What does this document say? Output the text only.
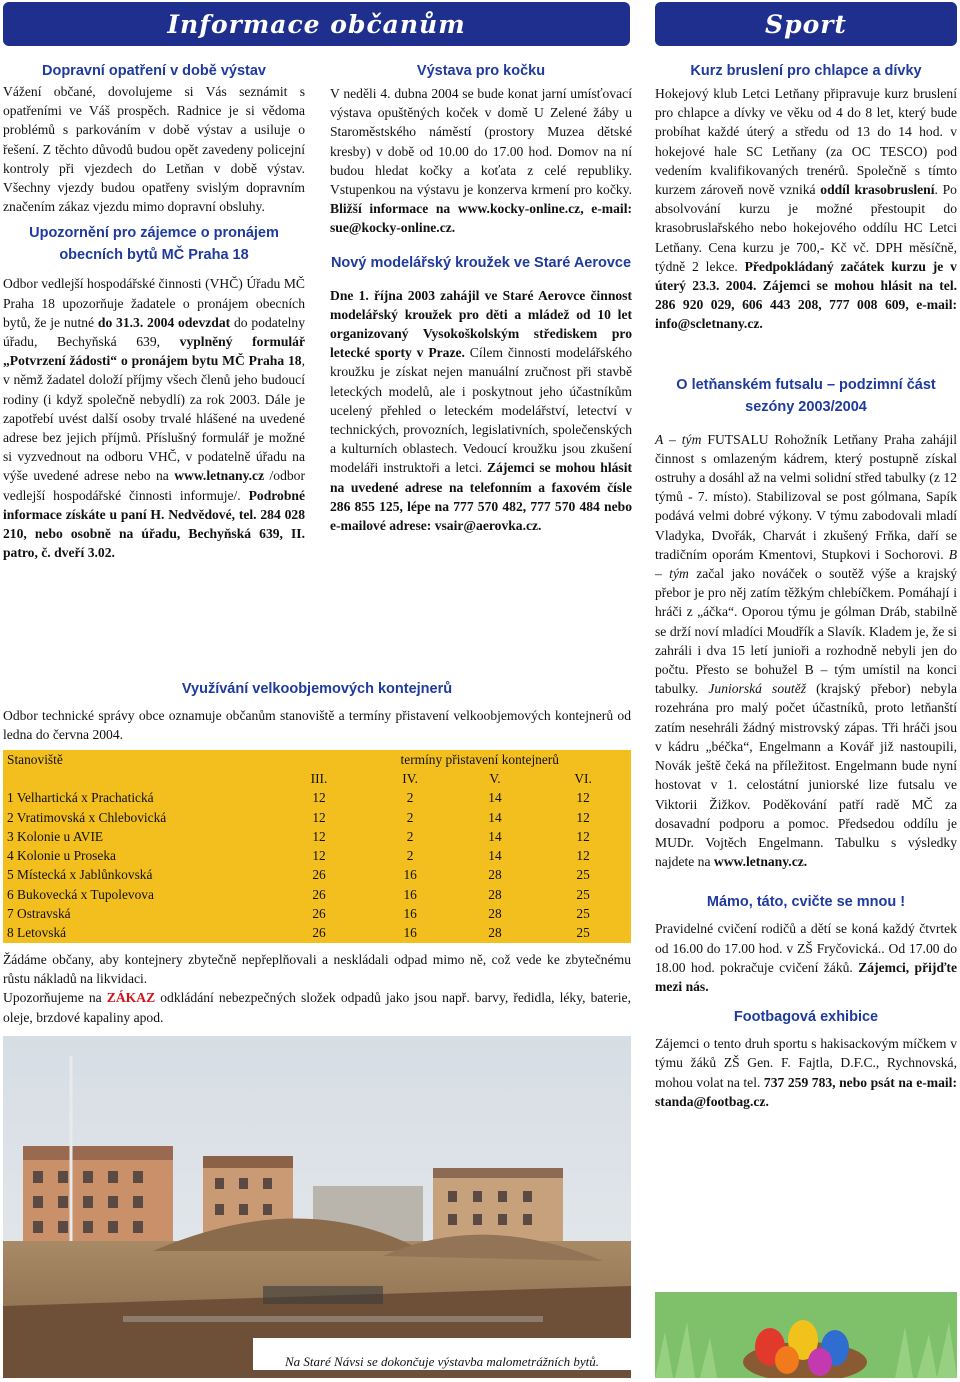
Informace občanům	Sport

Dopravní opatření v době výstav

Vážení občané, dovolujeme si Vás seznámit s opatřeními ve Váš prospěch. Radnice je si vědoma problémů s parkováním v době výstav a usiluje o řešení. Z těchto důvodů budou opět zavedeny policejní kontroly při vjezdech do Letňan v době výstav. Všechny vjezdy budou opatřeny svislým dopravním značením zákaz vjezdu mimo dopravní obsluhy.

Upozornění pro zájemce o pronájem obecních bytů MČ Praha 18

Odbor vedlejší hospodářské činnosti (VHČ) Úřadu MČ Praha 18 upozorňuje žadatele o pronájem obecních bytů, že je nutné do 31.3. 2004 odevzdat do podatelny úřadu, Bechyňská 639, vyplněný formulář „Potvrzení žádosti“ o pronájem bytu MČ Praha 18, v němž žadatel doloží příjmy všech členů jeho budoucí rodiny (i když společně nebydlí) za rok 2003. Dále je zapotřebí uvést další osoby trvalé hlášené na uvedené adrese bez jejich příjmů. Příslušný formulář je možné si vyzvednout na odboru VHČ, v podatelně úřadu na výše uvedené adrese nebo na www.letnany.cz /odbor vedlejší hospodářské činnosti informuje/. Podrobné informace získáte u paní H. Nedvědové, tel. 284 028 210, nebo osobně na úřadu, Bechyňská 639, II. patro, č. dveří 3.02.

Výstava pro kočku

V neděli 4. dubna 2004 se bude konat jarní umísťovací výstava opuštěných koček v domě U Zelené žáby u Staroměstského náměstí (prostory Muzea dětské kresby) v době od 10.00 do 17.00 hod. Domov na ní budou hledat kočky a koťata z celé republiky. Vstupenkou na výstavu je konzerva krmení pro kočky. Bližší informace na www.kocky-online.cz, e-mail: sue@kocky-online.cz.

Nový modelářský kroužek ve Staré Aerovce

Dne 1. října 2003 zahájil ve Staré Aerovce činnost modelářský kroužek pro děti a mládež od 10 let organizovaný Vysokoškolským střediskem pro letecké sporty v Praze. Cílem činnosti modelářského kroužku je získat nejen manuální zručnost při stavbě leteckých modelů, ale i poskytnout jeho účastníkům ucelený přehled o leteckém modelářství, letectví v technických, provozních, legislativních, společenských a kulturních oblastech. Vedoucí kroužku jsou zkušení modeláři instruktoři a letci. Zájemci se mohou hlásit na uvedené adrese na telefonním a faxovém čísle 286 855 125, lépe na 777 570 482, 777 570 484 nebo e-mailové adrese: vsair@aerovka.cz.

Využívání velkoobjemových kontejnerů

Odbor technické správy obce oznamuje občanům stanoviště a termíny přistavení velkoobjemových kontejnerů od ledna do června 2004.
Stanoviště	termíny přistavení kontejnerů			
	III.	IV.	V.	VI.
1 Velhartická x Prachatická	12	2	14	12
2 Vratimovská x Chlebovická	12	2	14	12
3 Kolonie u AVIE	12	2	14	12
4 Kolonie u Proseka	12	2	14	12
5 Místecká x Jablůnkovská	26	16	28	25
6 Bukovecká x Tupolevova	26	16	28	25
7 Ostravská	26	16	28	25
8 Letovská	26	16	28	25

Žádáme občany, aby kontejnery zbytečně nepřeplňovali a neskládali odpad mimo ně, což vede ke zbytečnému růstu nákladů na likvidaci.

Upozorňujeme na ZÁKAZ odkládání nebezpečných složek odpadů jako jsou např. barvy, ředidla, léky, baterie, oleje, brzdové kapaliny apod.

Na Staré Návsi se dokončuje výstavba malometrážních bytů.

Kurz bruslení pro chlapce a dívky

Hokejový klub Letci Letňany připravuje kurz bruslení pro chlapce a dívky ve věku od 4 do 8 let, který bude probíhat každé úterý a středu od 13 do 14 hod. v hokejové hale SC Letňany (za OC TESCO) pod vedením kvalifikovaných trenérů. Společně s tímto kurzem zároveň nově vzniká oddíl krasobruslení. Po absolvování kurzu je možné přestoupit do krasobruslařského nebo hokejového oddílu HC Letci Letňany. Cena kurzu je 700,- Kč vč. DPH měsíčně, týdně 2 lekce. Předpokládaný začátek kurzu je v úterý 23.3. 2004. Zájemci se mohou hlásit na tel. 286 920 029, 606 443 208, 777 008 609, e-mail: info@scletnany.cz.

O letňanském futsalu – podzimní část sezóny 2003/2004

A – tým FUTSALU Rohožník Letňany Praha zahájil činnost s omlazeným kádrem, který postupně získal ostruhy a dosáhl až na velmi solidní střed tabulky (z 12 týmů - 7. místo). Stabilizoval se post gólmana, Sapík podává velmi dobré výkony. V týmu zabodovali mladí Vladyka, Dvořák, Charvát i zkušený Frňka, daří se tradičním oporám Kmentovi, Stupkovi i Sochorovi. B – tým začal jako nováček o soutěž výše a krajský přebor je pro něj zatím těžkým chlebíčkem. Pomáhají i hráči z „áčka“. Oporou týmu je gólman Dráb, stabilně se drží noví mladíci Moudřík a Slavík. Kladem je, že si zahráli i dva 15 letí junioři a rozhodně nebyli jen do počtu. Přesto se bohužel B – tým umístil na konci tabulky. Juniorská soutěž (krajský přebor) nebyla rozehrána pro malý počet účastníků, proto letňanští zatím nesehráli žádný mistrovský zápas. Tři hráči jsou v kádru „béčka“, Engelmann a Kovář již nastoupili, Novák ještě čeká na příležitost. Engelmann bude nyní hostovat v 1. celostátní juniorské lize futsalu ve Viktorii Žižkov. Poděkování patří radě MČ za dosavadní podporu a pomoc. Předsedou oddílu je MUDr. Vojtěch Engelmann. Tabulku s výsledky najdete na www.letnany.cz.

Mámo, táto, cvičte se mnou !

Pravidelné cvičení rodičů a dětí se koná každý čtvrtek od 16.00 do 17.00 hod. v ZŠ Fryčovická.. Od 17.00 do 18.00 hod. pokračuje cvičení žáků. Zájemci, přijďte mezi nás.

Footbagová exhibice

Zájemci o tento druh sportu s hakisackovým míčkem v týmu žáků ZŠ Gen. F. Fajtla, D.F.C., Rychnovská, mohou volat na tel. 737 259 783, nebo psát na e-mail: standa@footbag.cz.
